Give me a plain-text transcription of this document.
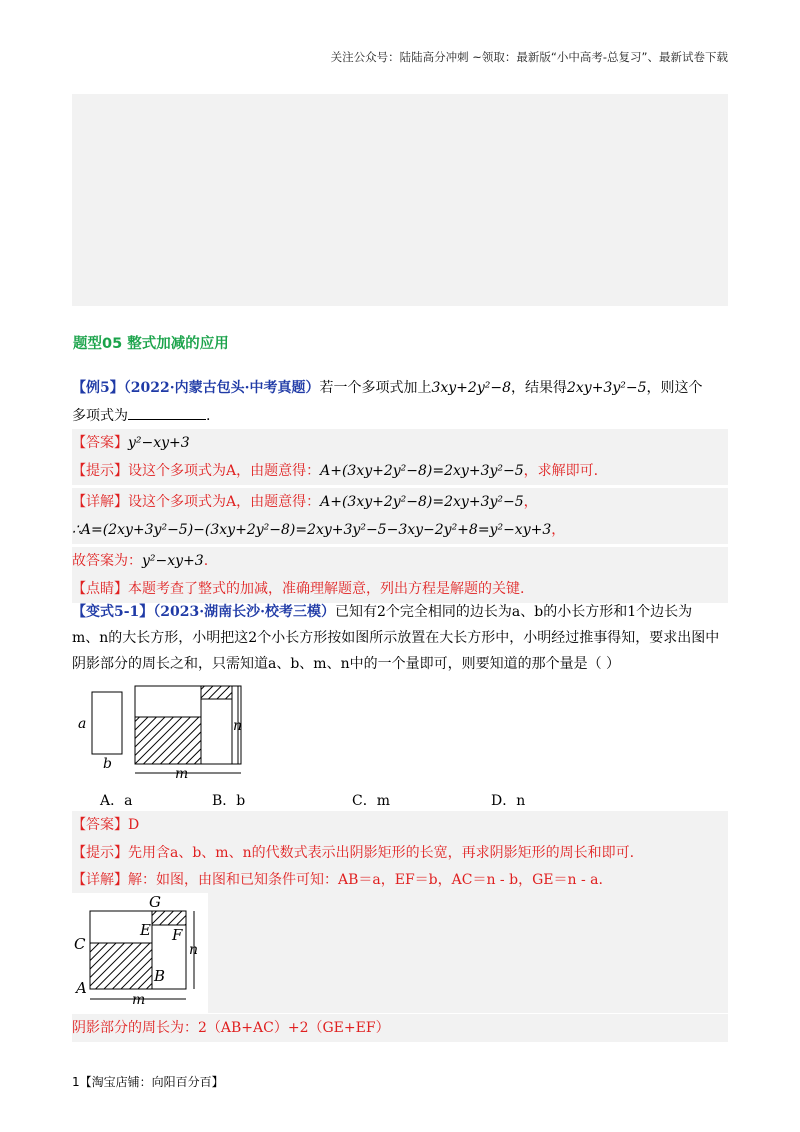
关注公众号：陆陆高分冲刺 ~领取：最新版“小中高考-总复习”、最新试卷下载
题型05 整式加减的应用
【例5】（2022·内蒙古包头·中考真题）若一个多项式加上3xy+2y²−8，结果得2xy+3y²−5，则这个
多项式为	.
【答案】y²−xy+3
【提示】设这个多项式为A，由题意得：A+(3xy+2y²−8)=2xy+3y²−5，求解即可.
【详解】设这个多项式为A，由题意得：A+(3xy+2y²−8)=2xy+3y²−5，
∴A=(2xy+3y²−5)−(3xy+2y²−8)=2xy+3y²−5−3xy−2y²+8=y²−xy+3，
故答案为：y²−xy+3.
【点睛】本题考查了整式的加减，准确理解题意，列出方程是解题的关键.
【变式5-1】（2023·湖南长沙·校考三模）已知有2个完全相同的边长为a、b的小长方形和1个边长为
m、n的大长方形，小明把这2个小长方形按如图所示放置在大长方形中，小明经过推事得知，要求出图中
阴影部分的周长之和，只需知道a、b、m、n中的一个量即可，则要知道的那个量是（ ）
a
b
n
m
A．a	B．b	C．m	D．n
【答案】D
【提示】先用含a、b、m、n的代数式表示出阴影矩形的长宽，再求阴影矩形的周长和即可.
【详解】解：如图，由图和已知条件可知：AB＝a，EF＝b，AC＝n - b，GE＝n - a.
G
E F
C
B
A
n
m
阴影部分的周长为：2（AB+AC）+2（GE+EF）
1【淘宝店铺：向阳百分百】
